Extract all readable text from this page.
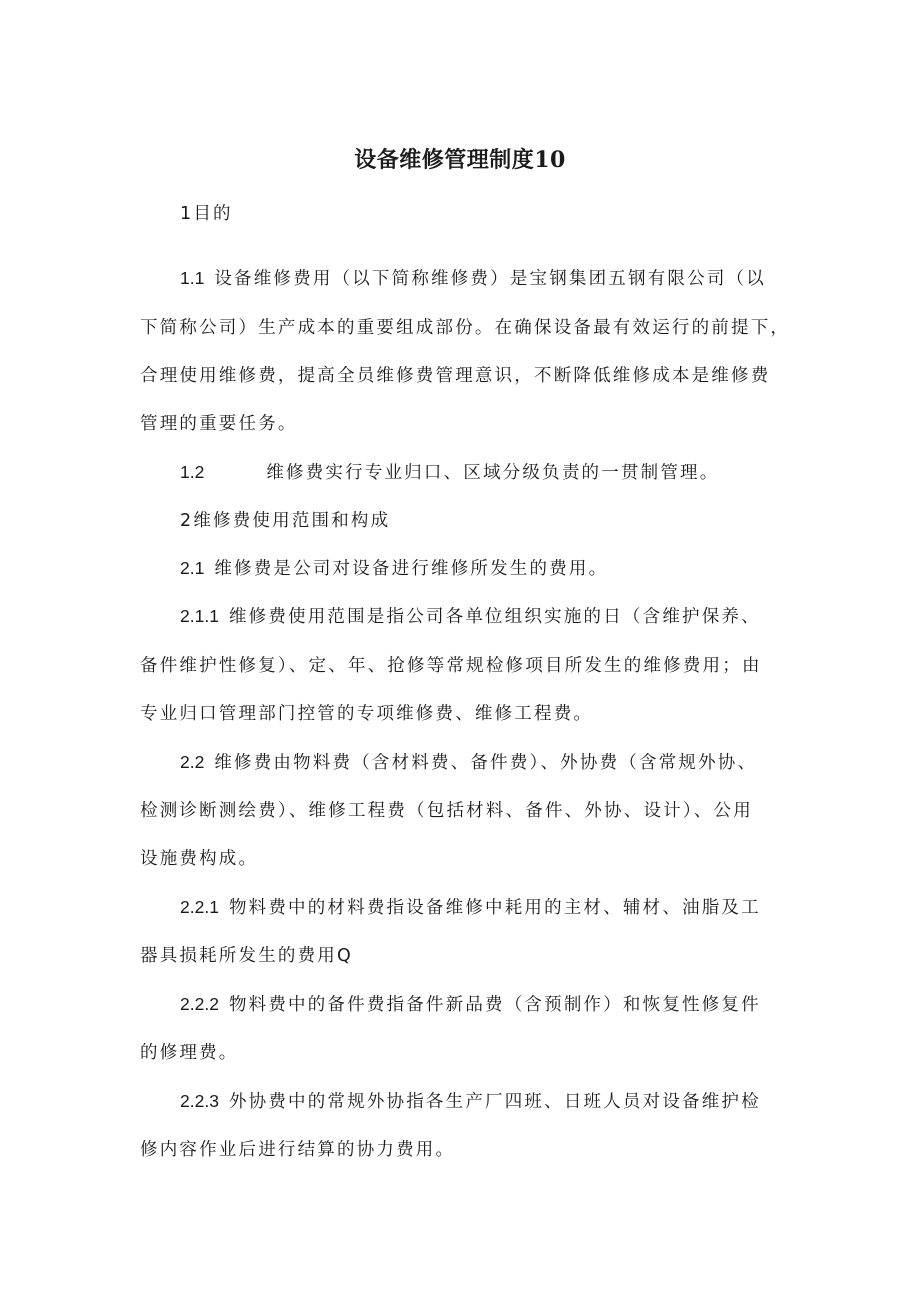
设备维修管理制度10
1目的
1.1 设备维修费用（以下简称维修费）是宝钢集团五钢有限公司（以
下简称公司）生产成本的重要组成部份。在确保设备最有效运行的前提下，
合理使用维修费，提高全员维修费管理意识，不断降低维修成本是维修费
管理的重要任务。
1.2	维修费实行专业归口、区域分级负责的一贯制管理。
2维修费使用范围和构成
2.1 维修费是公司对设备进行维修所发生的费用。
2.1.1 维修费使用范围是指公司各单位组织实施的日（含维护保养、
备件维护性修复）、定、年、抢修等常规检修项目所发生的维修费用；由
专业归口管理部门控管的专项维修费、维修工程费。
2.2 维修费由物料费（含材料费、备件费）、外协费（含常规外协、
检测诊断测绘费）、维修工程费（包括材料、备件、外协、设计）、公用
设施费构成。
2.2.1 物料费中的材料费指设备维修中耗用的主材、辅材、油脂及工
器具损耗所发生的费用Q
2.2.2 物料费中的备件费指备件新品费（含预制作）和恢复性修复件
的修理费。
2.2.3 外协费中的常规外协指各生产厂四班、日班人员对设备维护检
修内容作业后进行结算的协力费用。
